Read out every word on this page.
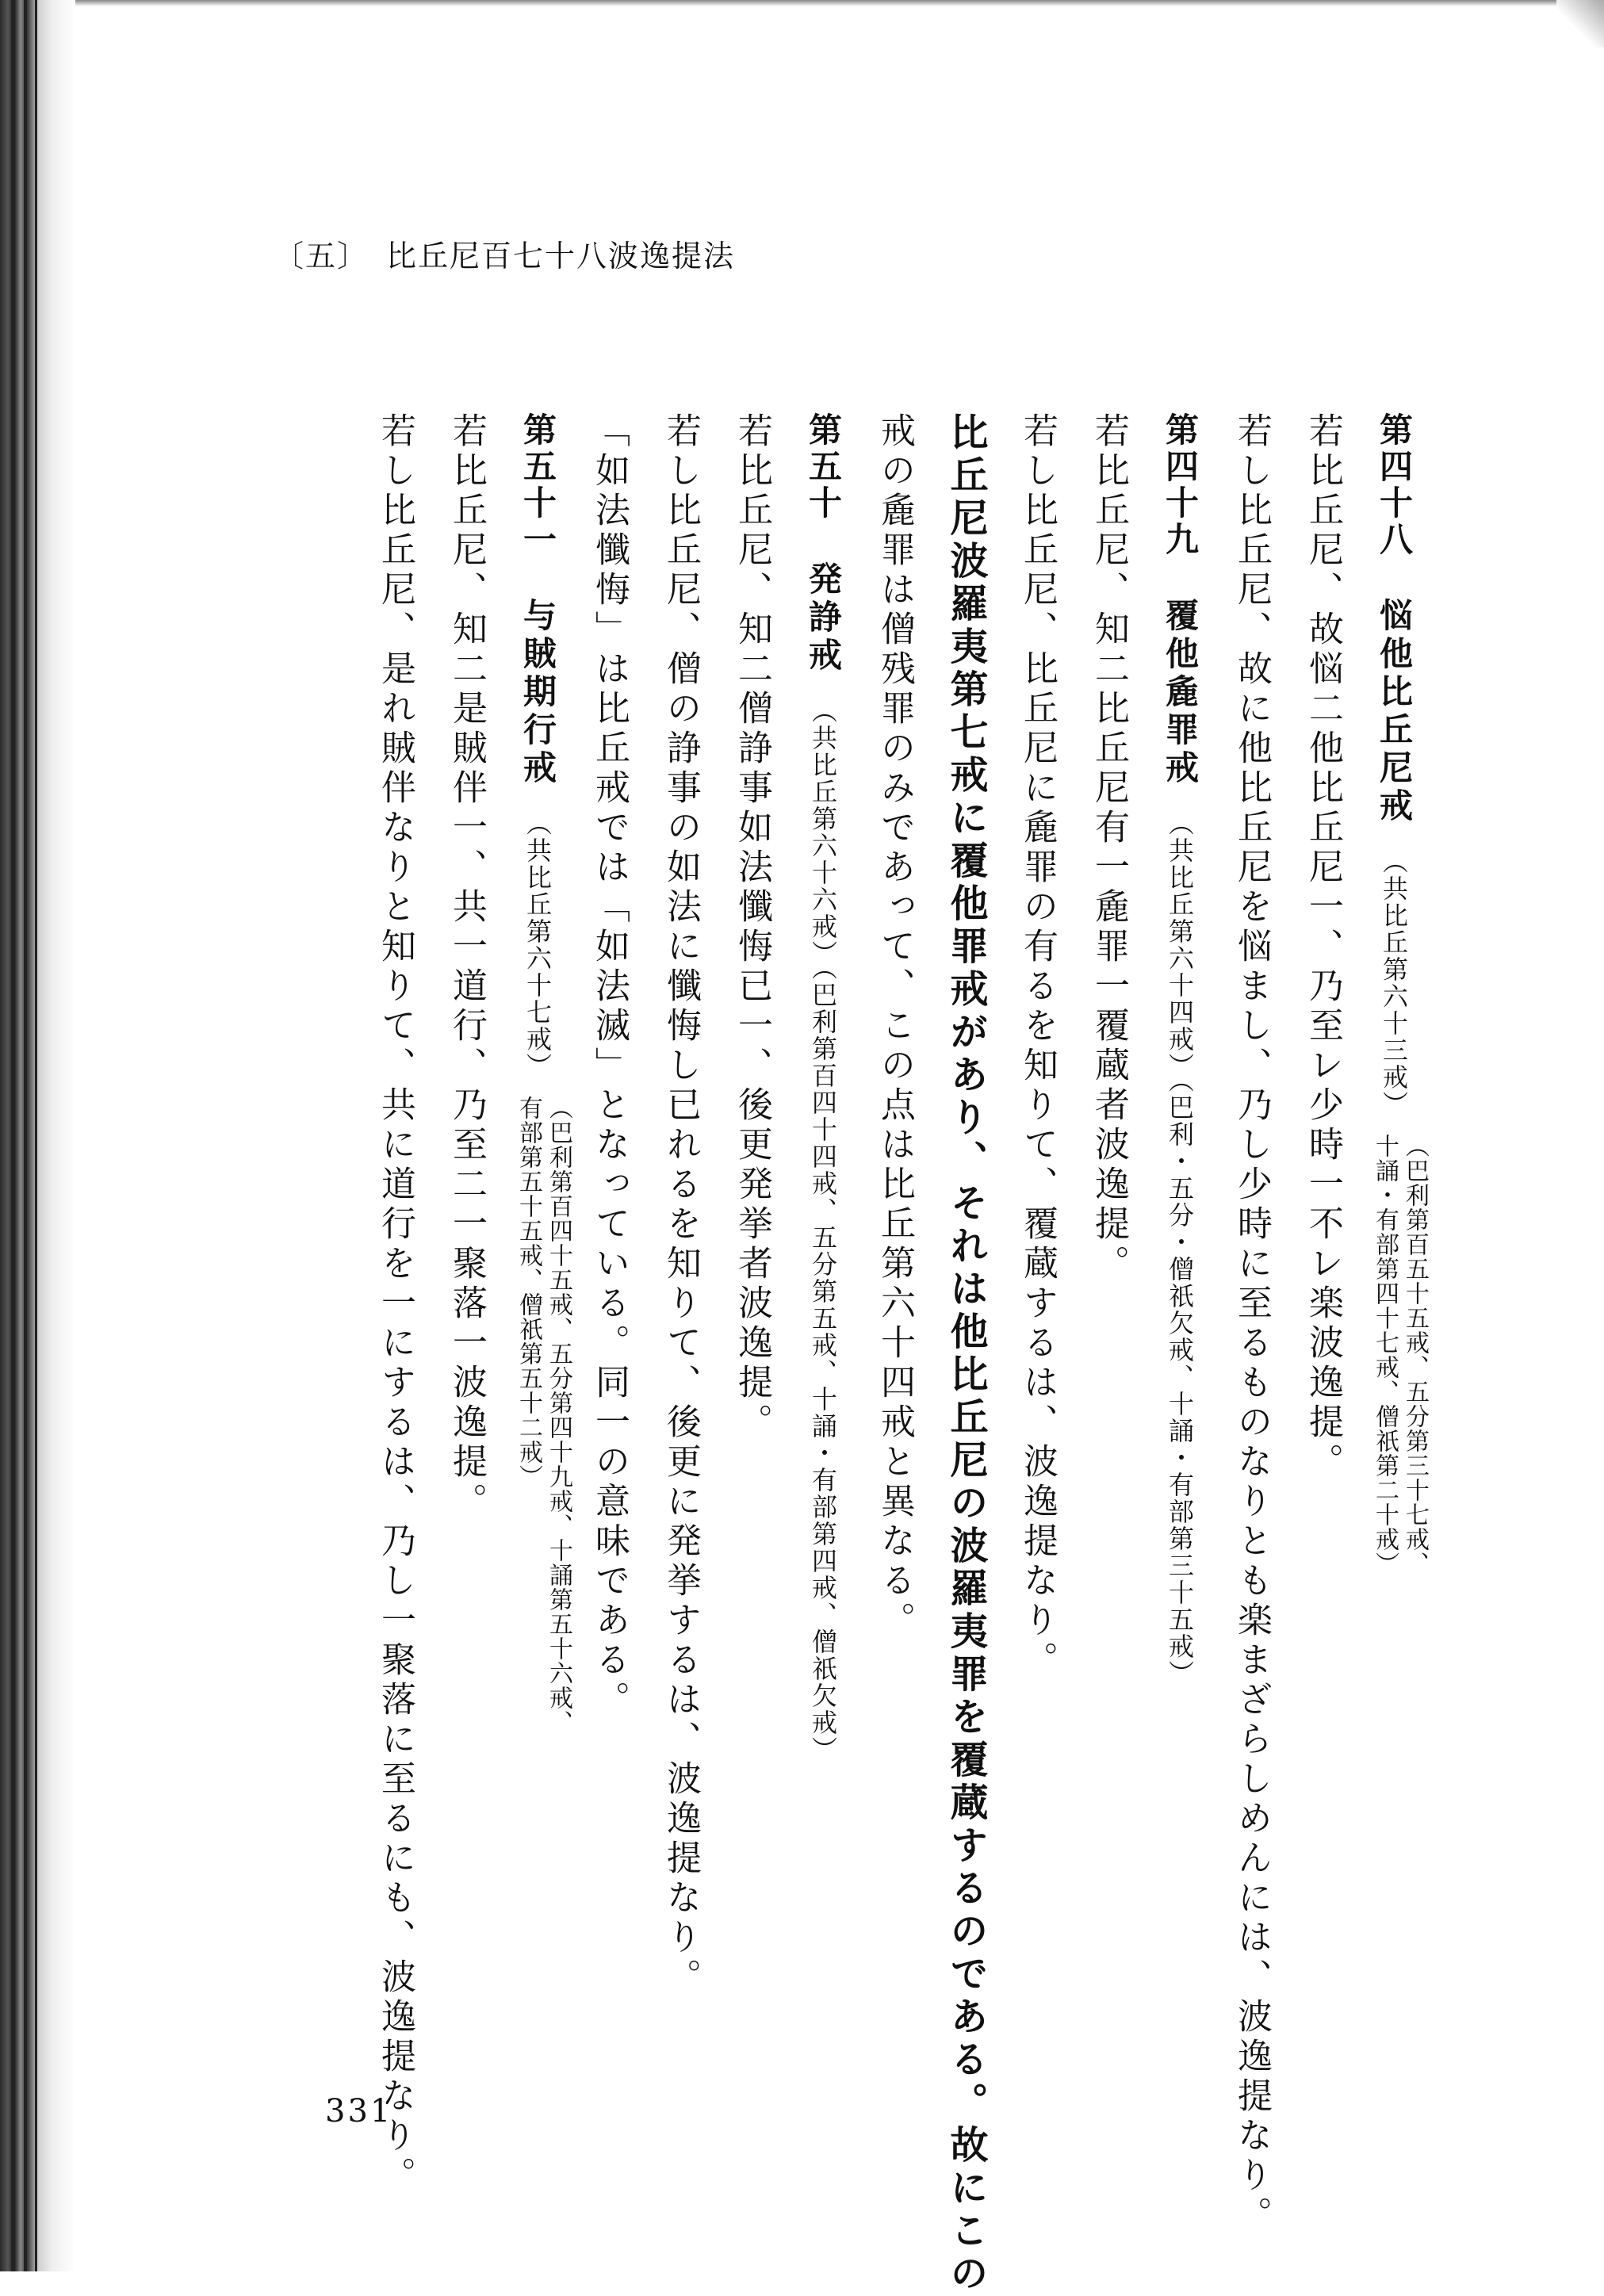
〔五〕 比丘尼百七十八波逸提法
第四十八悩他比丘尼戒（共比丘第六十三戒）
（巴利第百五十五戒、五分第三十七戒、
十誦・有部第四十七戒、僧祇第二十戒）
若比丘尼、故悩二他比丘尼一、乃至レ少時一不レ楽波逸提。
若し比丘尼、故に他比丘尼を悩まし、乃し少時に至るものなりとも楽まざらしめんには、波逸提なり。
第四十九覆他麁罪戒（共比丘第六十四戒）（巴利・五分・僧祇欠戒、十誦・有部第三十五戒）
若比丘尼、知二比丘尼有一麁罪一覆蔵者波逸提。
若し比丘尼、比丘尼に麁罪の有るを知りて、覆蔵するは、波逸提なり。
比丘尼波羅夷第七戒に覆他罪戒があり、それは他比丘尼の波羅夷罪を覆蔵するのである。故にこの
戒の麁罪は僧残罪のみであって、この点は比丘第六十四戒と異なる。
第五十発諍戒（共比丘第六十六戒）（巴利第百四十四戒、五分第五戒、十誦・有部第四戒、僧祇欠戒）
若比丘尼、知二僧諍事如法懺悔已一、後更発挙者波逸提。
若し比丘尼、僧の諍事の如法に懺悔し已れるを知りて、後更に発挙するは、波逸提なり。
「如法懺悔」は比丘戒では「如法滅」となっている。同一の意味である。
第五十一与賊期行戒（共比丘第六十七戒）
（巴利第百四十五戒、五分第四十九戒、十誦第五十六戒、
有部第五十五戒、僧祇第五十二戒）
若比丘尼、知二是賊伴一、共一道行、乃至二一聚落一波逸提。
若し比丘尼、是れ賊伴なりと知りて、共に道行を一にするは、乃し一聚落に至るにも、波逸提なり。
331
